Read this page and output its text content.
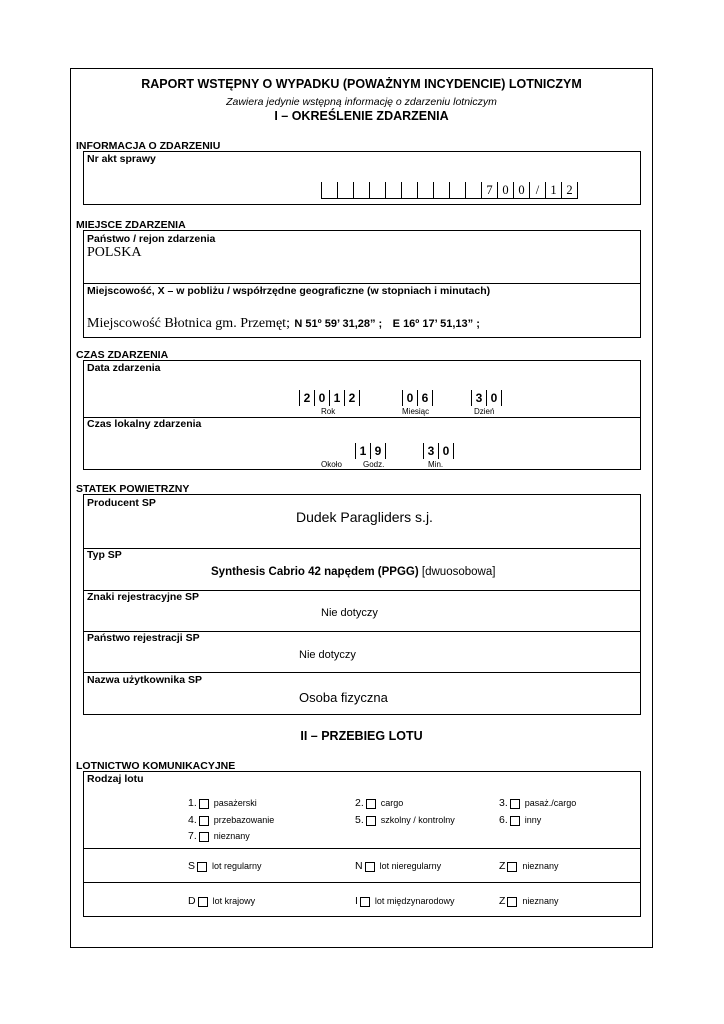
RAPORT WSTĘPNY O WYPADKU (POWAŻNYM INCYDENCIE) LOTNICZYM
Zawiera jedynie wstępną informację o zdarzeniu lotniczym
I – OKREŚLENIE ZDARZENIA
INFORMACJA O ZDARZENIU
Nr akt sprawy
7 0 0 / 1 2
MIEJSCE ZDARZENIA
Państwo / rejon zdarzenia
POLSKA
Miejscowość, X – w pobliżu / współrzędne geograficzne (w stopniach i minutach)
Miejscowość Błotnica gm. Przemęt; N 51º 59’ 31,28” ; E 16º 17’ 51,13” ;
CZAS ZDARZENIA
Data zdarzenia
2 0 1 2	0 6	3 0
Rok	Miesiąc	Dzień
Czas lokalny zdarzenia
1 9	3 0
Około	Godz.	Min.
STATEK POWIETRZNY
Producent SP
Dudek Paragliders s.j.
Typ SP
Synthesis Cabrio 42 napędem (PPGG) [dwuosobowa]
Znaki rejestracyjne SP
Nie dotyczy
Państwo rejestracji SP
Nie dotyczy
Nazwa użytkownika SP
Osoba fizyczna
II – PRZEBIEG LOTU
LOTNICTWO KOMUNIKACYJNE
Rodzaj lotu
1. pasażerski	2. cargo	3. pasaż./cargo
4. przebazowanie	5. szkolny / kontrolny	6. inny
7. nieznany
S lot regularny	N lot nieregularny	Z nieznany
D lot krajowy	I lot międzynarodowy	Z nieznany
